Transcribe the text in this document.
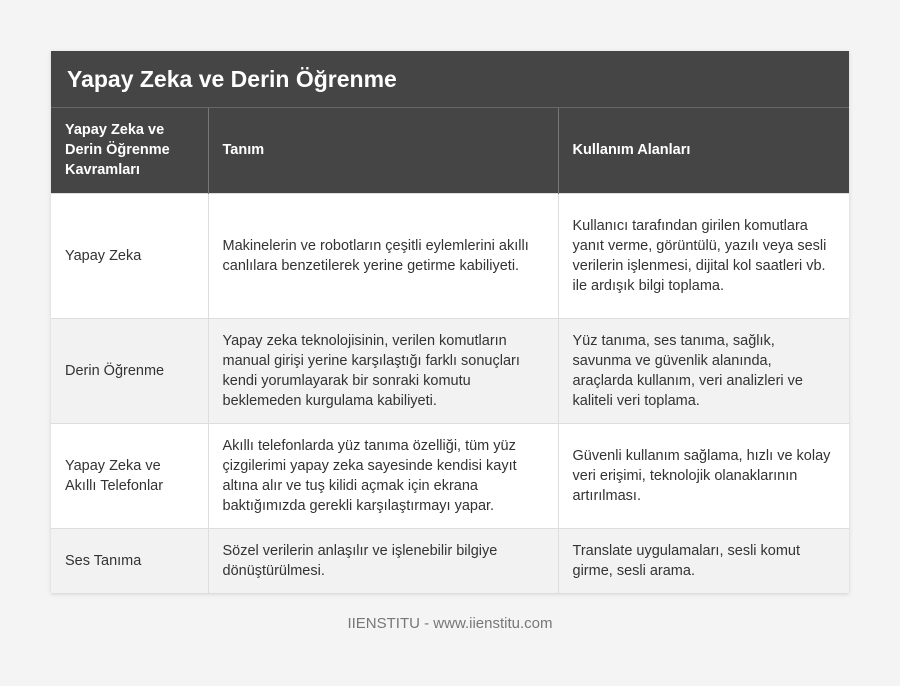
Yapay Zeka ve Derin Öğrenme
Yapay Zeka ve Derin Öğrenme Kavramları	Tanım	Kullanım Alanları
Yapay Zeka	Makinelerin ve robotların çeşitli eylemlerini akıllı canlılara benzetilerek yerine getirme kabiliyeti.	Kullanıcı tarafından girilen komutlara yanıt verme, görüntülü, yazılı veya sesli verilerin işlenmesi, dijital kol saatleri vb. ile ardışık bilgi toplama.
Derin Öğrenme	Yapay zeka teknolojisinin, verilen komutların manual girişi yerine karşılaştığı farklı sonuçları kendi yorumlayarak bir sonraki komutu beklemeden kurgulama kabiliyeti.	Yüz tanıma, ses tanıma, sağlık, savunma ve güvenlik alanında, araçlarda kullanım, veri analizleri ve kaliteli veri toplama.
Yapay Zeka ve Akıllı Telefonlar	Akıllı telefonlarda yüz tanıma özelliği, tüm yüz çizgilerimi yapay zeka sayesinde kendisi kayıt altına alır ve tuş kilidi açmak için ekrana baktığımızda gerekli karşılaştırmayı yapar.	Güvenli kullanım sağlama, hızlı ve kolay veri erişimi, teknolojik olanaklarının artırılması.
Ses Tanıma	Sözel verilerin anlaşılır ve işlenebilir bilgiye dönüştürülmesi.	Translate uygulamaları, sesli komut girme, sesli arama.
IIENSTITU - www.iienstitu.com
